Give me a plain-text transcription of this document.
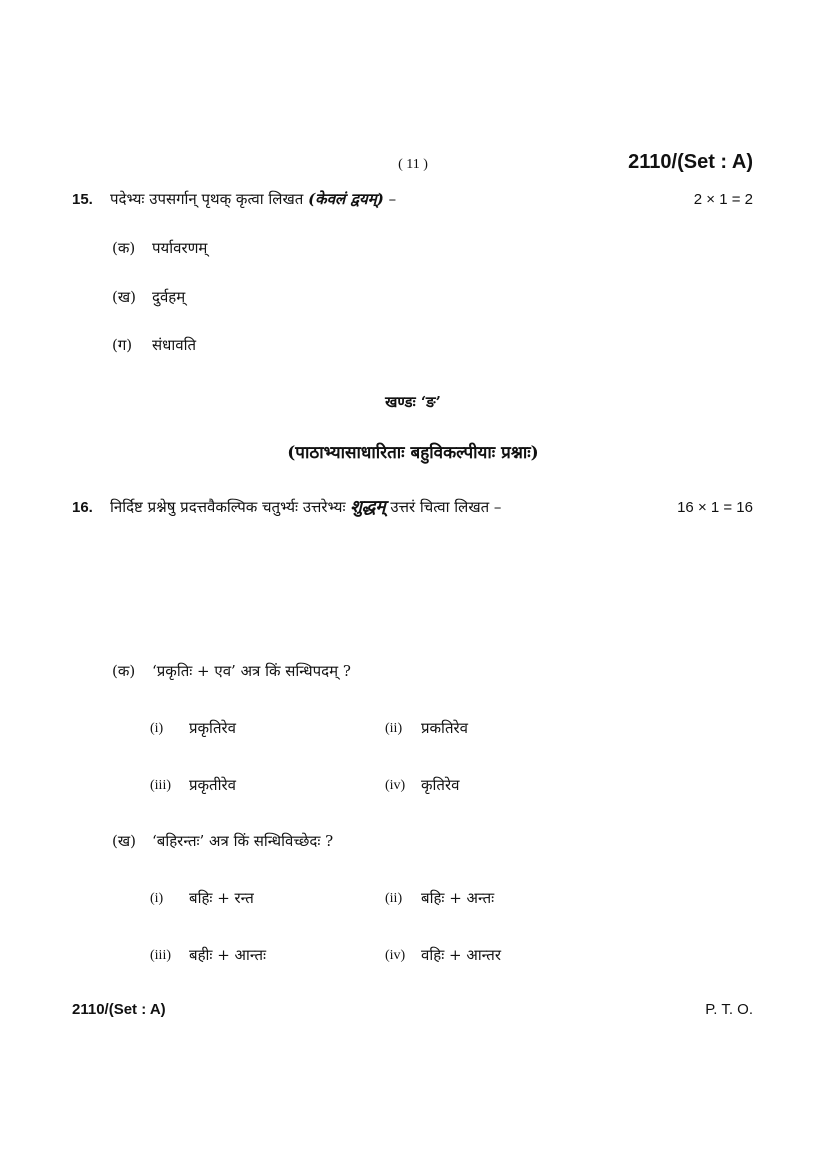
( 11 )	2110/(Set : A)
15. पदेभ्यः उपसर्गान् पृथक् कृत्वा लिखत (केवलं द्वयम्) –	2 × 1 = 2
(क) पर्यावरणम्
(ख) दुर्वहम्
(ग) संधावति
खण्डः ‘ङ’
(पाठाभ्यासाधारिताः बहुविकल्पीयाः प्रश्नाः)
16. निर्दिष्ट प्रश्नेषु प्रदत्तवैकल्पिक चतुर्भ्यः उत्तरेभ्यः शुद्धम् उत्तरं चित्वा लिखत –	16 × 1 = 16
(क) ‘प्रकृतिः + एव’ अत्र किं सन्धिपदम् ?
(i) प्रकृतिरेव	(ii) प्रकतिरेव
(iii) प्रकृतीरेव	(iv) कृतिरेव
(ख) ‘बहिरन्तः’ अत्र किं सन्धिविच्छेदः ?
(i) बहिः + रन्त	(ii) बहिः + अन्तः
(iii) बहीः + आन्तः	(iv) वहिः + आन्तर
2110/(Set : A)	P. T. O.
